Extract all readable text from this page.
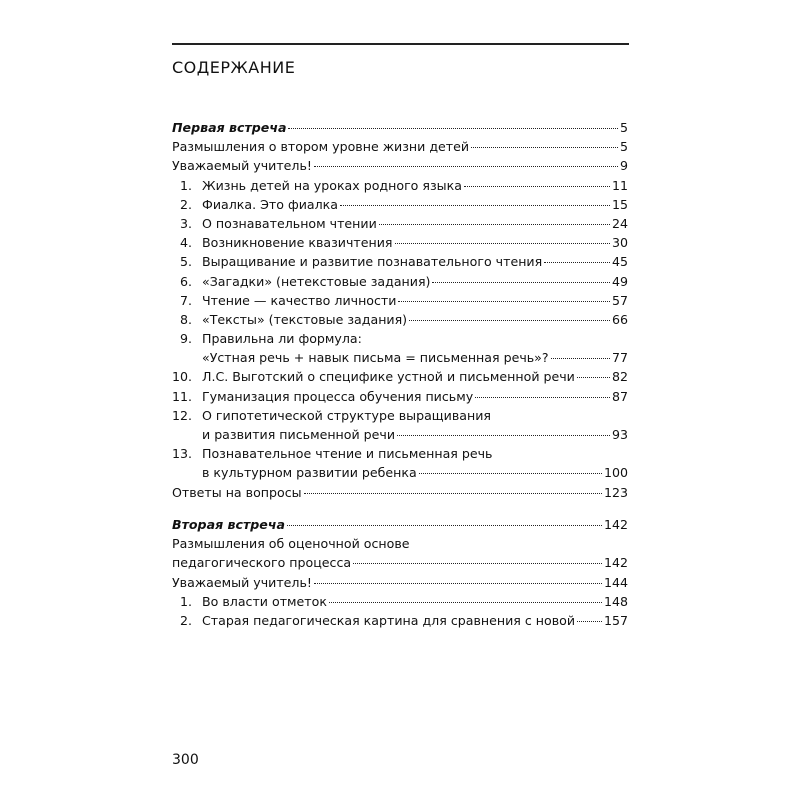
СОДЕРЖАНИЕ
Первая встреча	5
Размышления о втором уровне жизни детей	5
Уважаемый учитель!	9
1. Жизнь детей на уроках родного языка	11
2. Фиалка. Это фиалка	15
3. О познавательном чтении	24
4. Возникновение квазичтения	30
5. Выращивание и развитие познавательного чтения	45
6. «Загадки» (нетекстовые задания)	49
7. Чтение — качество личности	57
8. «Тексты» (текстовые задания)	66
9. Правильна ли формула:
«Устная речь + навык письма = письменная речь»?	77
10. Л.С. Выготский о специфике устной и письменной речи	82
11. Гуманизация процесса обучения письму	87
12. О гипотетической структуре выращивания
и развития письменной речи	93
13. Познавательное чтение и письменная речь
в культурном развитии ребенка	100
Ответы на вопросы	123
Вторая встреча	142
Размышления об оценочной основе
педагогического процесса	142
Уважаемый учитель!	144
1. Во власти отметок	148
2. Старая педагогическая картина для сравнения с новой 157
300
